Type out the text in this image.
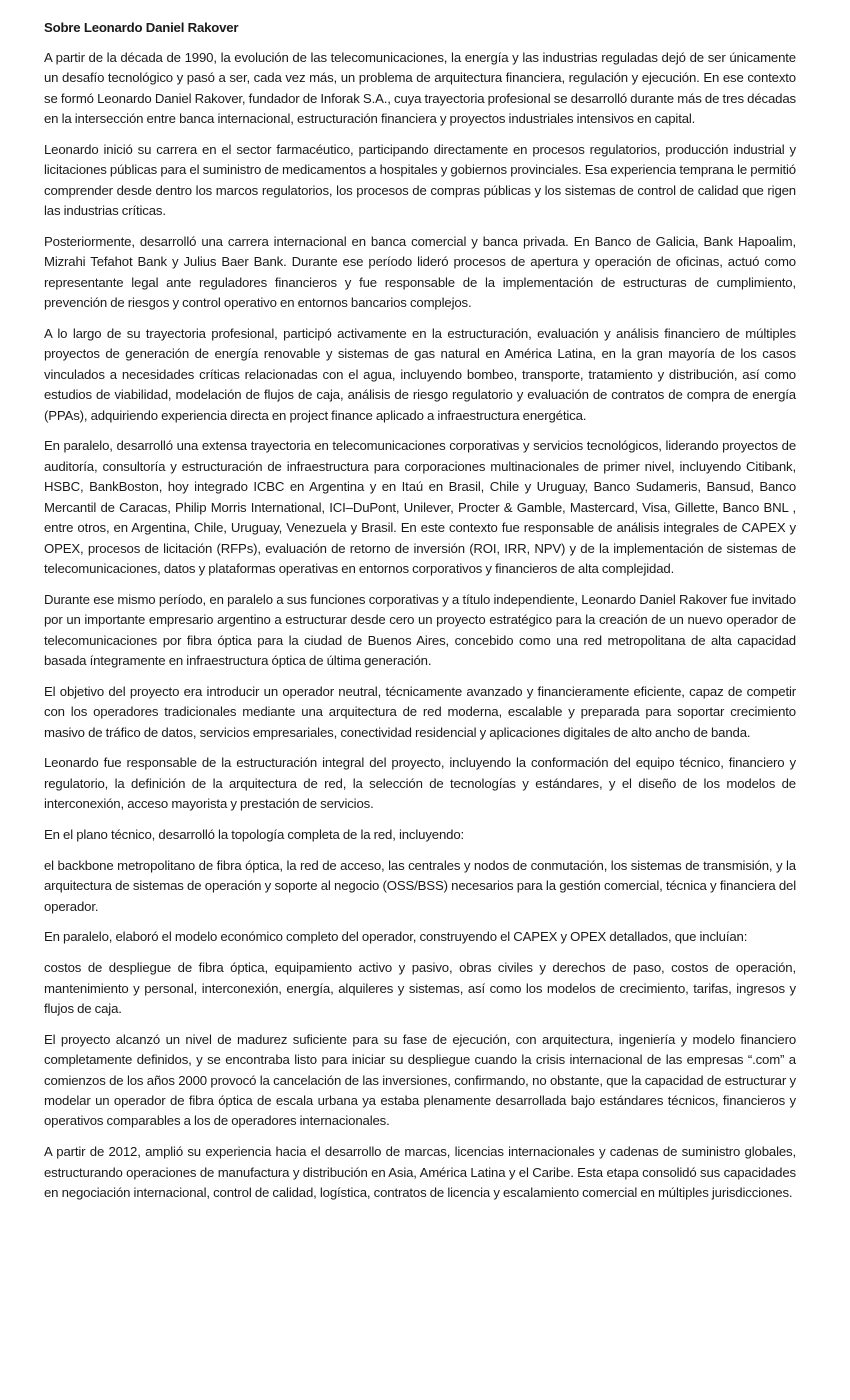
Sobre Leonardo Daniel Rakover

A partir de la década de 1990, la evolución de las telecomunicaciones, la energía y las industrias reguladas dejó de ser únicamente un desafío tecnológico y pasó a ser, cada vez más, un problema de arquitectura financiera, regulación y ejecución. En ese contexto se formó Leonardo Daniel Rakover, fundador de Inforak S.A., cuya trayectoria profesional se desarrolló durante más de tres décadas en la intersección entre banca internacional, estructuración financiera y proyectos industriales intensivos en capital.

Leonardo inició su carrera en el sector farmacéutico, participando directamente en procesos regulatorios, producción industrial y licitaciones públicas para el suministro de medicamentos a hospitales y gobiernos provinciales. Esa experiencia temprana le permitió comprender desde dentro los marcos regulatorios, los procesos de compras públicas y los sistemas de control de calidad que rigen las industrias críticas.

Posteriormente, desarrolló una carrera internacional en banca comercial y banca privada. En Banco de Galicia, Bank Hapoalim, Mizrahi Tefahot Bank y Julius Baer Bank. Durante ese período lideró procesos de apertura y operación de oficinas, actuó como representante legal ante reguladores financieros y fue responsable de la implementación de estructuras de cumplimiento, prevención de riesgos y control operativo en entornos bancarios complejos.

A lo largo de su trayectoria profesional, participó activamente en la estructuración, evaluación y análisis financiero de múltiples proyectos de generación de energía renovable y sistemas de gas natural en América Latina, en la gran mayoría de los casos vinculados a necesidades críticas relacionadas con el agua, incluyendo bombeo, transporte, tratamiento y distribución, así como estudios de viabilidad, modelación de flujos de caja, análisis de riesgo regulatorio y evaluación de contratos de compra de energía (PPAs), adquiriendo experiencia directa en project finance aplicado a infraestructura energética.

En paralelo, desarrolló una extensa trayectoria en telecomunicaciones corporativas y servicios tecnológicos, liderando proyectos de auditoría, consultoría y estructuración de infraestructura para corporaciones multinacionales de primer nivel, incluyendo Citibank, HSBC, BankBoston, hoy integrado ICBC en Argentina y en Itaú en Brasil, Chile y Uruguay, Banco Sudameris, Bansud, Banco Mercantil de Caracas, Philip Morris International, ICI–DuPont, Unilever, Procter & Gamble, Mastercard, Visa, Gillette, Banco BNL , entre otros, en Argentina, Chile, Uruguay, Venezuela y Brasil. En este contexto fue responsable de análisis integrales de CAPEX y OPEX, procesos de licitación (RFPs), evaluación de retorno de inversión (ROI, IRR, NPV) y de la implementación de sistemas de telecomunicaciones, datos y plataformas operativas en entornos corporativos y financieros de alta complejidad.

Durante ese mismo período, en paralelo a sus funciones corporativas y a título independiente, Leonardo Daniel Rakover fue invitado por un importante empresario argentino a estructurar desde cero un proyecto estratégico para la creación de un nuevo operador de telecomunicaciones por fibra óptica para la ciudad de Buenos Aires, concebido como una red metropolitana de alta capacidad basada íntegramente en infraestructura óptica de última generación.

El objetivo del proyecto era introducir un operador neutral, técnicamente avanzado y financieramente eficiente, capaz de competir con los operadores tradicionales mediante una arquitectura de red moderna, escalable y preparada para soportar crecimiento masivo de tráfico de datos, servicios empresariales, conectividad residencial y aplicaciones digitales de alto ancho de banda.

Leonardo fue responsable de la estructuración integral del proyecto, incluyendo la conformación del equipo técnico, financiero y regulatorio, la definición de la arquitectura de red, la selección de tecnologías y estándares, y el diseño de los modelos de interconexión, acceso mayorista y prestación de servicios.

En el plano técnico, desarrolló la topología completa de la red, incluyendo:

el backbone metropolitano de fibra óptica, la red de acceso, las centrales y nodos de conmutación, los sistemas de transmisión, y la arquitectura de sistemas de operación y soporte al negocio (OSS/BSS) necesarios para la gestión comercial, técnica y financiera del operador.

En paralelo, elaboró el modelo económico completo del operador, construyendo el CAPEX y OPEX detallados, que incluían:

costos de despliegue de fibra óptica, equipamiento activo y pasivo, obras civiles y derechos de paso, costos de operación, mantenimiento y personal, interconexión, energía, alquileres y sistemas, así como los modelos de crecimiento, tarifas, ingresos y flujos de caja.

El proyecto alcanzó un nivel de madurez suficiente para su fase de ejecución, con arquitectura, ingeniería y modelo financiero completamente definidos, y se encontraba listo para iniciar su despliegue cuando la crisis internacional de las empresas “.com” a comienzos de los años 2000 provocó la cancelación de las inversiones, confirmando, no obstante, que la capacidad de estructurar y modelar un operador de fibra óptica de escala urbana ya estaba plenamente desarrollada bajo estándares técnicos, financieros y operativos comparables a los de operadores internacionales.

A partir de 2012, amplió su experiencia hacia el desarrollo de marcas, licencias internacionales y cadenas de suministro globales, estructurando operaciones de manufactura y distribución en Asia, América Latina y el Caribe. Esta etapa consolidó sus capacidades en negociación internacional, control de calidad, logística, contratos de licencia y escalamiento comercial en múltiples jurisdicciones.
